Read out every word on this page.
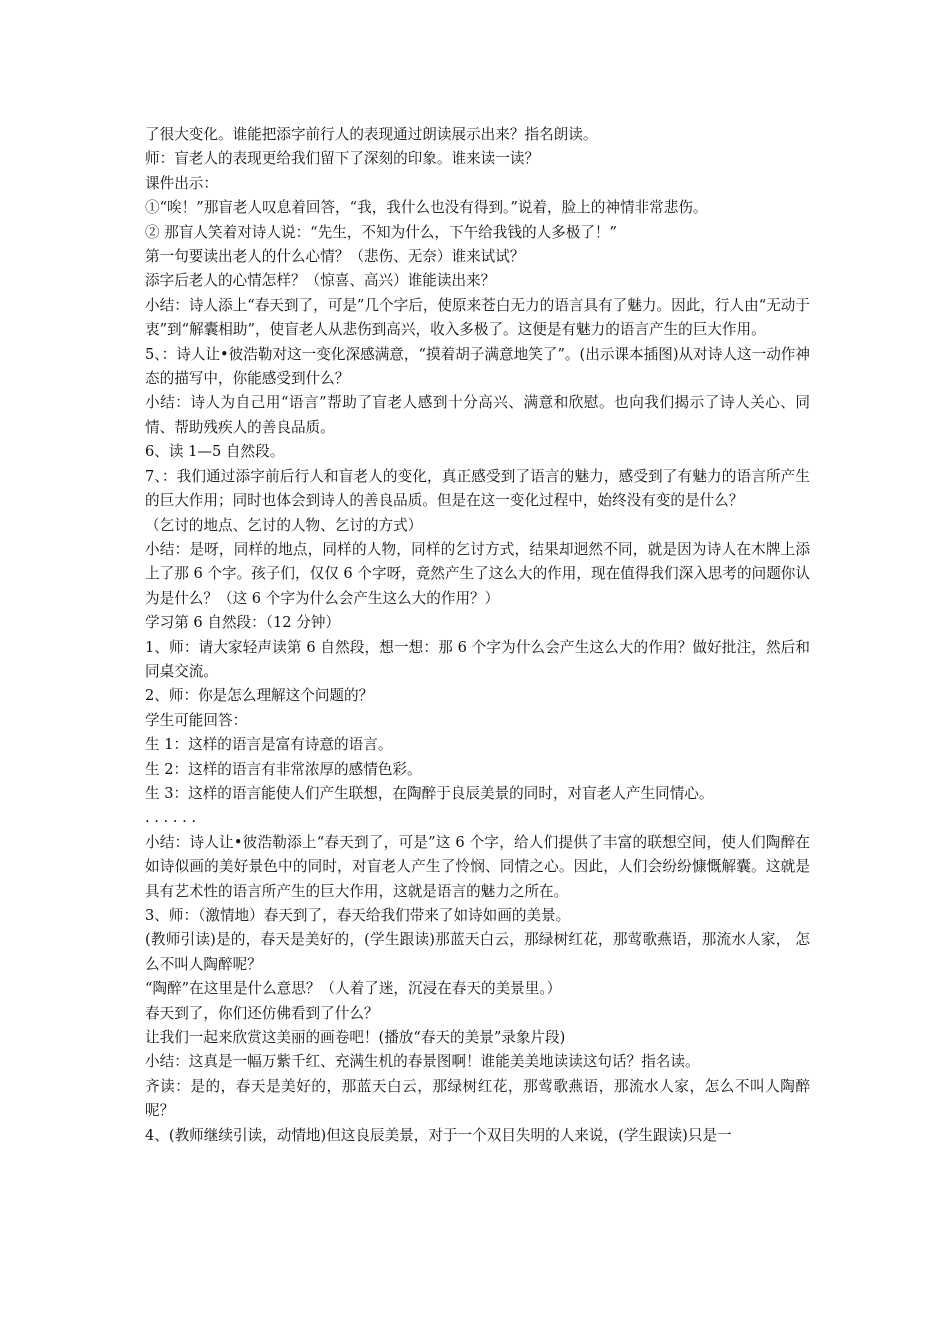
了很大变化。谁能把添字前行人的表现通过朗读展示出来？指名朗读。

师：盲老人的表现更给我们留下了深刻的印象。谁来读一读？

课件出示：

①“唉！”那盲老人叹息着回答，“我，我什么也没有得到。”说着，脸上的神情非常悲伤。

② 那盲人笑着对诗人说：“先生，不知为什么，下午给我钱的人多极了！”

第一句要读出老人的什么心情？（悲伤、无奈）谁来试试？

添字后老人的心情怎样？（惊喜、高兴）谁能读出来？

小结：诗人添上“春天到了，可是”几个字后，使原来苍白无力的语言具有了魅力。因此，行人由“无动于衷”到“解囊相助”，使盲老人从悲伤到高兴，收入多极了。这便是有魅力的语言产生的巨大作用。

5、：诗人让•彼浩勒对这一变化深感满意，“摸着胡子满意地笑了”。(出示课本插图)从对诗人这一动作神态的描写中，你能感受到什么？

小结：诗人为自己用“语言”帮助了盲老人感到十分高兴、满意和欣慰。也向我们揭示了诗人关心、同情、帮助残疾人的善良品质。

6、读 1—5 自然段。

7、：我们通过添字前后行人和盲老人的变化，真正感受到了语言的魅力，感受到了有魅力的语言所产生的巨大作用；同时也体会到诗人的善良品质。但是在这一变化过程中，始终没有变的是什么？

（乞讨的地点、乞讨的人物、乞讨的方式）

小结：是呀，同样的地点，同样的人物，同样的乞讨方式，结果却迥然不同，就是因为诗人在木牌上添上了那 6 个字。孩子们，仅仅 6 个字呀，竟然产生了这么大的作用，现在值得我们深入思考的问题你认为是什么？（这 6 个字为什么会产生这么大的作用？）

学习第 6 自然段：（12 分钟）

1、师：请大家轻声读第 6 自然段，想一想：那 6 个字为什么会产生这么大的作用？做好批注，然后和同桌交流。

2、师：你是怎么理解这个问题的？

学生可能回答：

生 1：这样的语言是富有诗意的语言。

生 2：这样的语言有非常浓厚的感情色彩。

生 3：这样的语言能使人们产生联想，在陶醉于良辰美景的同时，对盲老人产生同情心。

. . . . . .

小结：诗人让•彼浩勒添上“春天到了，可是”这 6 个字，给人们提供了丰富的联想空间，使人们陶醉在如诗似画的美好景色中的同时，对盲老人产生了怜悯、同情之心。因此，人们会纷纷慷慨解囊。这就是具有艺术性的语言所产生的巨大作用，这就是语言的魅力之所在。

3、师：（激情地）春天到了，春天给我们带来了如诗如画的美景。

(教师引读)是的，春天是美好的，(学生跟读)那蓝天白云，那绿树红花，那莺歌燕语，那流水人家， 怎么不叫人陶醉呢？

“陶醉”在这里是什么意思？（人着了迷，沉浸在春天的美景里。）

春天到了，你们还仿佛看到了什么？

让我们一起来欣赏这美丽的画卷吧！(播放“春天的美景”录象片段)

小结：这真是一幅万紫千红、充满生机的春景图啊！谁能美美地读读这句话？指名读。

齐读：是的，春天是美好的，那蓝天白云，那绿树红花，那莺歌燕语，那流水人家，怎么不叫人陶醉呢？

4、(教师继续引读，动情地)但这良辰美景，对于一个双目失明的人来说，(学生跟读)只是一
